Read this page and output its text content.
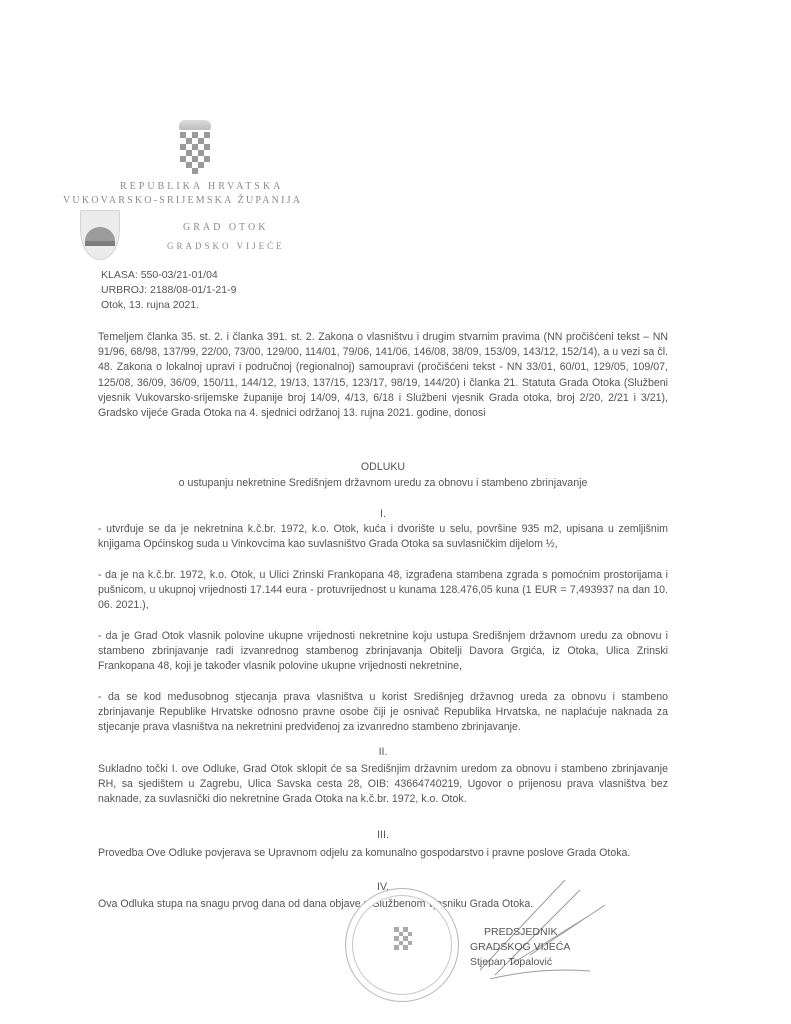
REPUBLIKA HRVATSKA
VUKOVARSKO-SRIJEMSKA ŽUPANIJA
GRAD OTOK
GRADSKO VIJEĆE
KLASA: 550-03/21-01/04
URBROJ: 2188/08-01/1-21-9
Otok, 13. rujna 2021.
Temeljem članka 35. st. 2. i članka 391. st. 2. Zakona o vlasništvu i drugim stvarnim pravima (NN pročišćeni tekst – NN 91/96, 68/98, 137/99, 22/00, 73/00, 129/00, 114/01, 79/06, 141/06, 146/08, 38/09, 153/09, 143/12, 152/14), a u vezi sa čl. 48. Zakona o lokalnoj upravi i područnoj (regionalnoj) samoupravi (pročišćeni tekst - NN 33/01, 60/01, 129/05, 109/07, 125/08, 36/09, 36/09, 150/11, 144/12, 19/13, 137/15, 123/17, 98/19, 144/20) i članka 21. Statuta Grada Otoka (Službeni vjesnik Vukovarsko-srijemske županije broj 14/09, 4/13, 6/18 i Službeni vjesnik Grada otoka, broj 2/20, 2/21 i 3/21), Gradsko vijeće Grada Otoka na 4. sjednici održanoj 13. rujna 2021. godine, donosi
ODLUKU
o ustupanju nekretnine Središnjem državnom uredu za obnovu i stambeno zbrinjavanje
I.
- utvrđuje se da je nekretnina k.č.br. 1972, k.o. Otok, kuća i dvorište u selu, površine 935 m2, upisana u zemljišnim knjigama Općinskog suda u Vinkovcima kao suvlasništvo Grada Otoka sa suvlasničkim dijelom ½,
- da je na k.č.br. 1972, k.o. Otok, u Ulici Zrinski Frankopana 48, izgrađena stambena zgrada s pomoćnim prostorijama i pušnicom, u ukupnoj vrijednosti 17.144 eura - protuvrijednost u kunama 128.476,05 kuna (1 EUR = 7,493937 na dan 10. 06. 2021.),
- da je Grad Otok vlasnik polovine ukupne vrijednosti nekretnine koju ustupa Središnjem državnom uredu za obnovu i stambeno zbrinjavanje radi izvanrednog stambenog zbrinjavanja Obitelji Davora Grgića, iz Otoka, Ulica Zrinski Frankopana 48, koji je također vlasnik polovine ukupne vrijednosti nekretnine,
- da se kod međusobnog stjecanja prava vlasništva u korist Središnjeg državnog ureda za obnovu i stambeno zbrinjavanje Republike Hrvatske odnosno pravne osobe čiji je osnivač Republika Hrvatska, ne naplaćuje naknada za stjecanje prava vlasništva na nekretnini predviđenoj za izvanredno stambeno zbrinjavanje.
II.
Sukladno točki I. ove Odluke, Grad Otok sklopit će sa Središnjim državnim uredom za obnovu i stambeno zbrinjavanje RH, sa sjedištem u Zagrebu, Ulica Savska cesta 28, OIB: 43664740219, Ugovor o prijenosu prava vlasništva bez naknade, za suvlasnički dio nekretnine Grada Otoka na k.č.br. 1972, k.o. Otok.
III.
Provedba Ove Odluke povjerava se Upravnom odjelu za komunalno gospodarstvo i pravne poslove Grada Otoka.
IV.
Ova Odluka stupa na snagu prvog dana od dana objave u Službenom vjesniku Grada Otoka.
PREDSJEDNIK
GRADSKOG VIJEĆA
Stjepan Topalović
